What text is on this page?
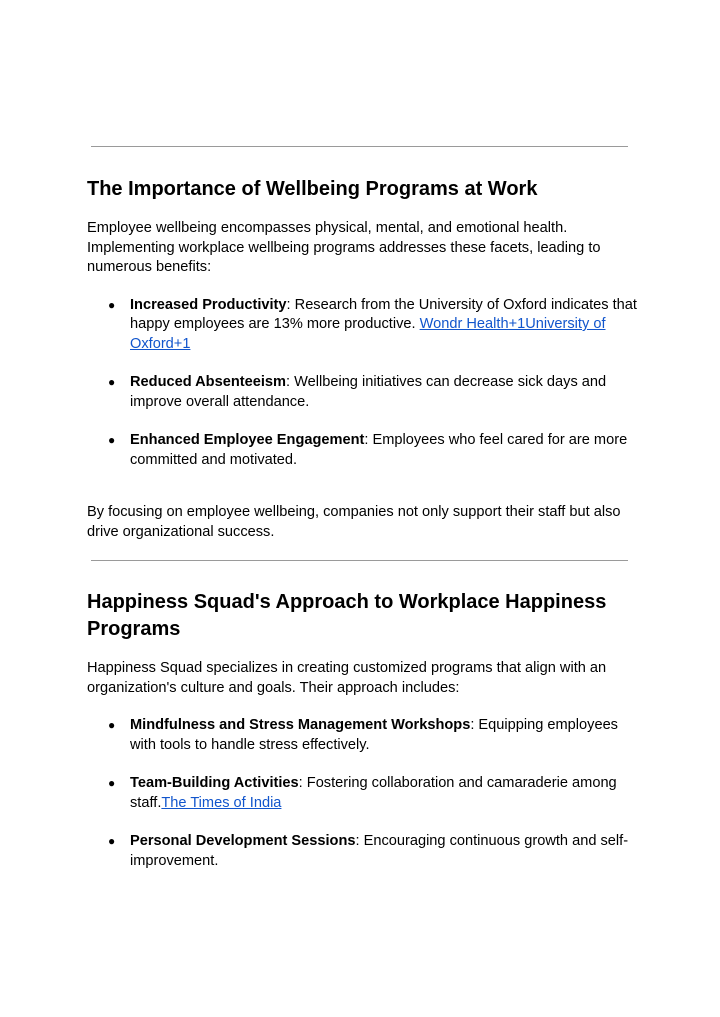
The Importance of Wellbeing Programs at Work

Employee wellbeing encompasses physical, mental, and emotional health. Implementing workplace wellbeing programs addresses these facets, leading to numerous benefits:

● Increased Productivity: Research from the University of Oxford indicates that happy employees are 13% more productive. Wondr Health+1University of Oxford+1
● Reduced Absenteeism: Wellbeing initiatives can decrease sick days and improve overall attendance.
● Enhanced Employee Engagement: Employees who feel cared for are more committed and motivated.

By focusing on employee wellbeing, companies not only support their staff but also drive organizational success.

Happiness Squad's Approach to Workplace Happiness Programs

Happiness Squad specializes in creating customized programs that align with an organization's culture and goals. Their approach includes:

● Mindfulness and Stress Management Workshops: Equipping employees with tools to handle stress effectively.
● Team-Building Activities: Fostering collaboration and camaraderie among staff.The Times of India
● Personal Development Sessions: Encouraging continuous growth and self-improvement.
